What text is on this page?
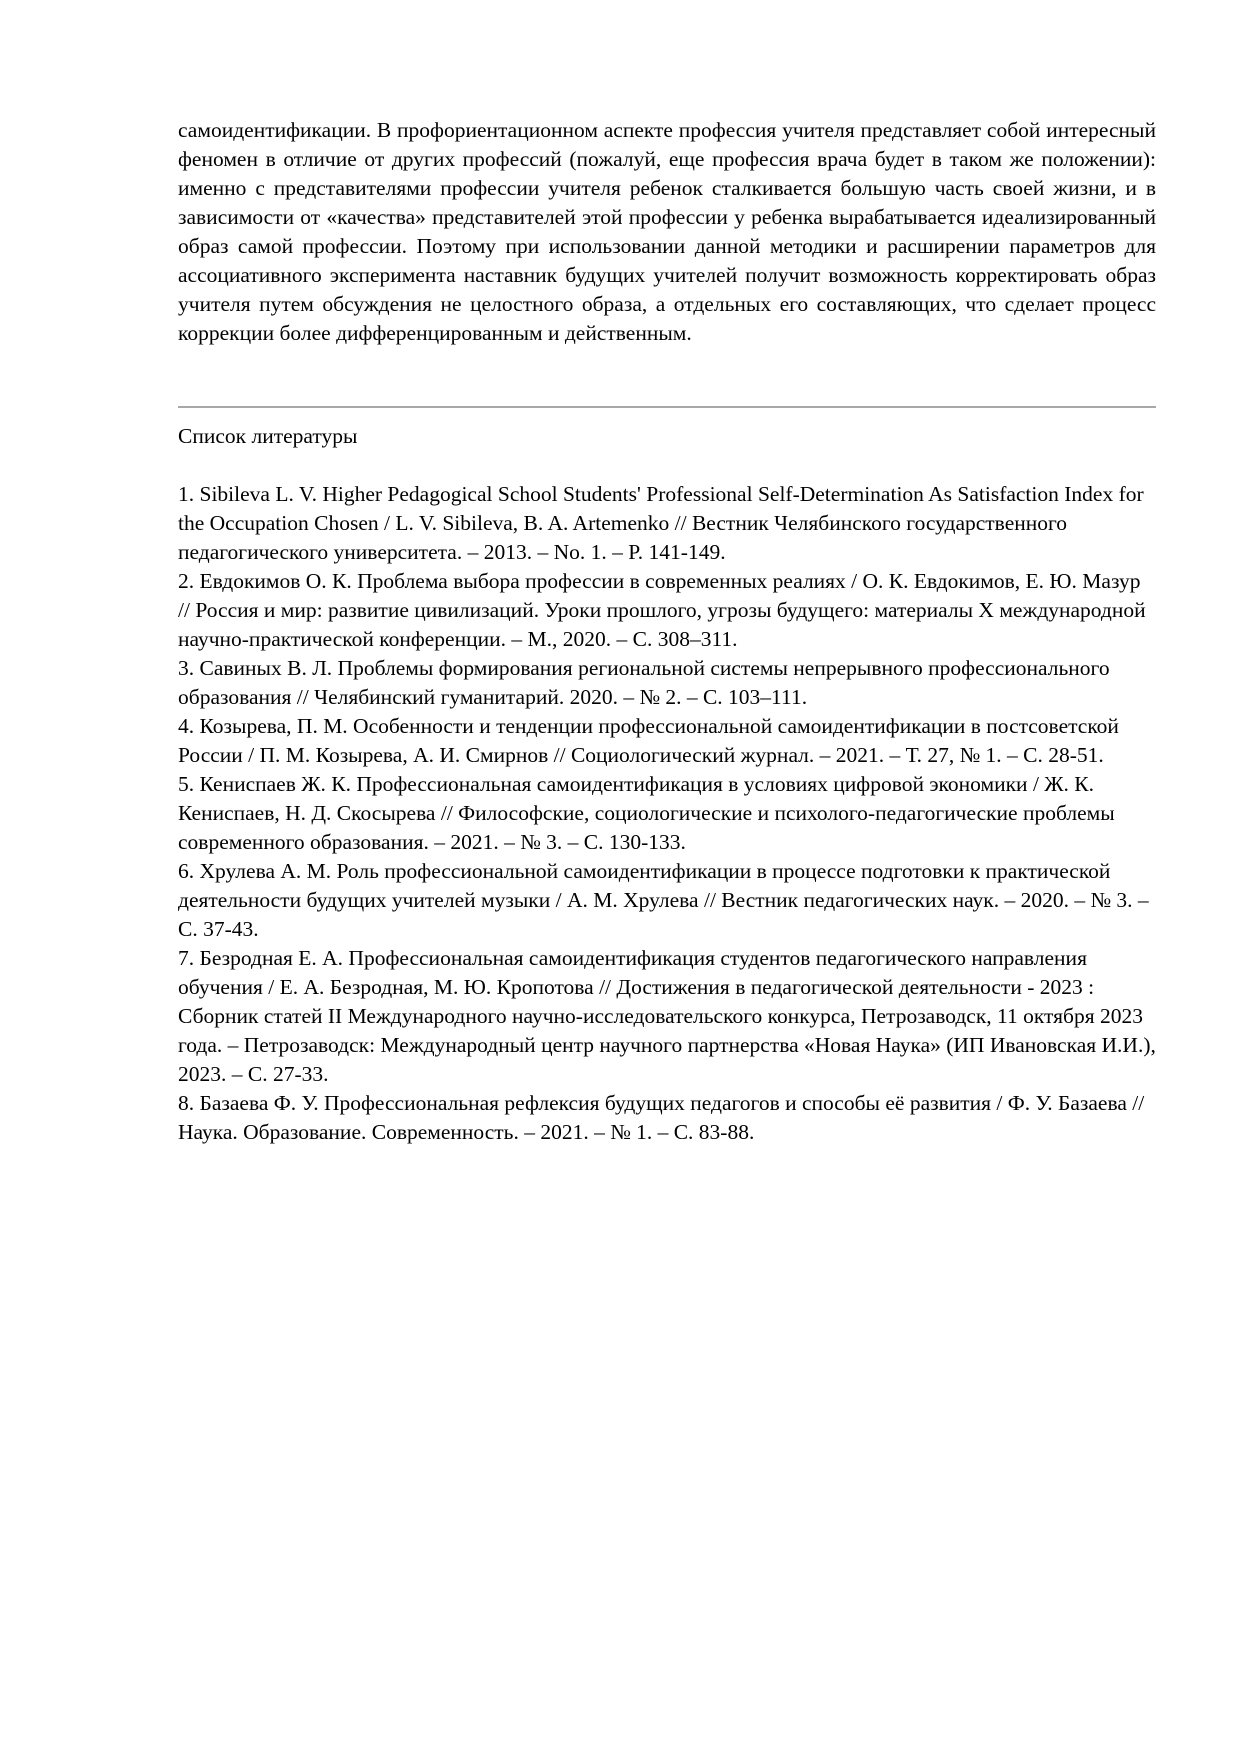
самоидентификации. В профориентационном аспекте профессия учителя представляет собой интересный феномен в отличие от других профессий (пожалуй, еще профессия врача будет в таком же положении): именно с представителями профессии учителя ребенок сталкивается большую часть своей жизни, и в зависимости от «качества» представителей этой профессии у ребенка вырабатывается идеализированный образ самой профессии. Поэтому при использовании данной методики и расширении параметров для ассоциативного эксперимента наставник будущих учителей получит возможность корректировать образ учителя путем обсуждения не целостного образа, а отдельных его составляющих, что сделает процесс коррекции более дифференцированным и действенным.

Список литературы
1. Sibileva L. V. Higher Pedagogical School Students' Professional Self-Determination As Satisfaction Index for the Occupation Chosen / L. V. Sibileva, B. A. Artemenko // Вестник Челябинского государственного педагогического университета. – 2013. – No. 1. – P. 141-149.
2. Евдокимов О. К. Проблема выбора профессии в современных реалиях / О. К. Евдокимов, Е. Ю. Мазур // Россия и мир: развитие цивилизаций. Уроки прошлого, угрозы будущего: материалы X международной научно-практической конференции. – М., 2020. – С. 308–311.
3. Савиных В. Л. Проблемы формирования региональной системы непрерывного профессионального образования // Челябинский гуманитарий. 2020. – № 2. – С. 103–111.
4. Козырева, П. М. Особенности и тенденции профессиональной самоидентификации в постсоветской России / П. М. Козырева, А. И. Смирнов // Социологический журнал. – 2021. – Т. 27, № 1. – С. 28-51.
5. Кениспаев Ж. К. Профессиональная самоидентификация в условиях цифровой экономики / Ж. К. Кениспаев, Н. Д. Скосырева // Философские, социологические и психолого-педагогические проблемы современного образования. – 2021. – № 3. – С. 130-133.
6. Хрулева А. М. Роль профессиональной самоидентификации в процессе подготовки к практической деятельности будущих учителей музыки / А. М. Хрулева // Вестник педагогических наук. – 2020. – № 3. – С. 37-43.
7. Безродная Е. А. Профессиональная самоидентификация студентов педагогического направления обучения / Е. А. Безродная, М. Ю. Кропотова // Достижения в педагогической деятельности - 2023 : Сборник статей II Международного научно-исследовательского конкурса, Петрозаводск, 11 октября 2023 года. – Петрозаводск: Международный центр научного партнерства «Новая Наука» (ИП Ивановская И.И.), 2023. – С. 27-33.
8. Базаева Ф. У. Профессиональная рефлексия будущих педагогов и способы её развития / Ф. У. Базаева // Наука. Образование. Современность. – 2021. – № 1. – С. 83-88.
